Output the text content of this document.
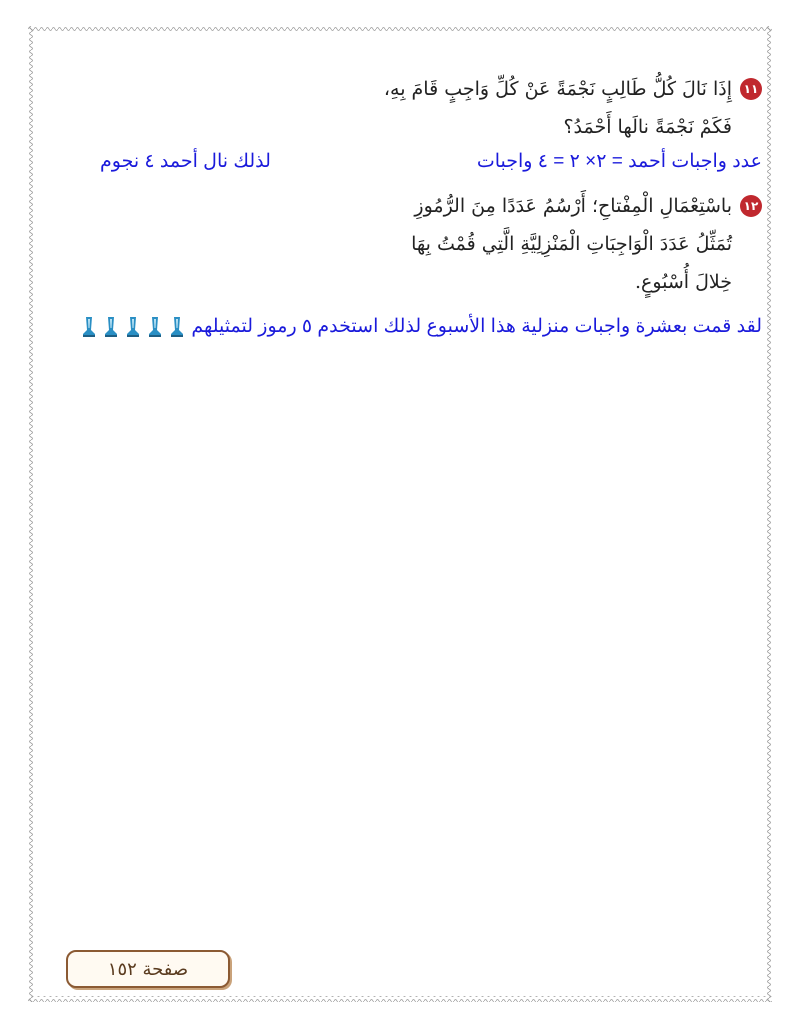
١١
إِذَا نَالَ كُلُّ طَالِبٍ نَجْمَةً عَنْ كُلِّ وَاجِبٍ قَامَ بِهِ،
فَكَمْ نَجْمَةً نالَها أَحْمَدُ؟
عدد واجبات أحمد = ٢× ٢ = ٤ واجبات
لذلك نال أحمد ٤ نجوم
١٢
باسْتِعْمَالِ الْمِفْتاحِ؛ أَرْسُمُ عَدَدًا مِنَ الرُّمُوزِ
تُمَثِّلُ عَدَدَ الْوَاجِبَاتِ الْمَنْزِلِيَّةِ الَّتِي قُمْتُ بِهَا
خِلالَ أُسْبُوعٍ.
لقد قمت بعشرة واجبات منزلية هذا الأسبوع لذلك استخدم ٥ رموز لتمثيلهم
صفحة ١٥٢
